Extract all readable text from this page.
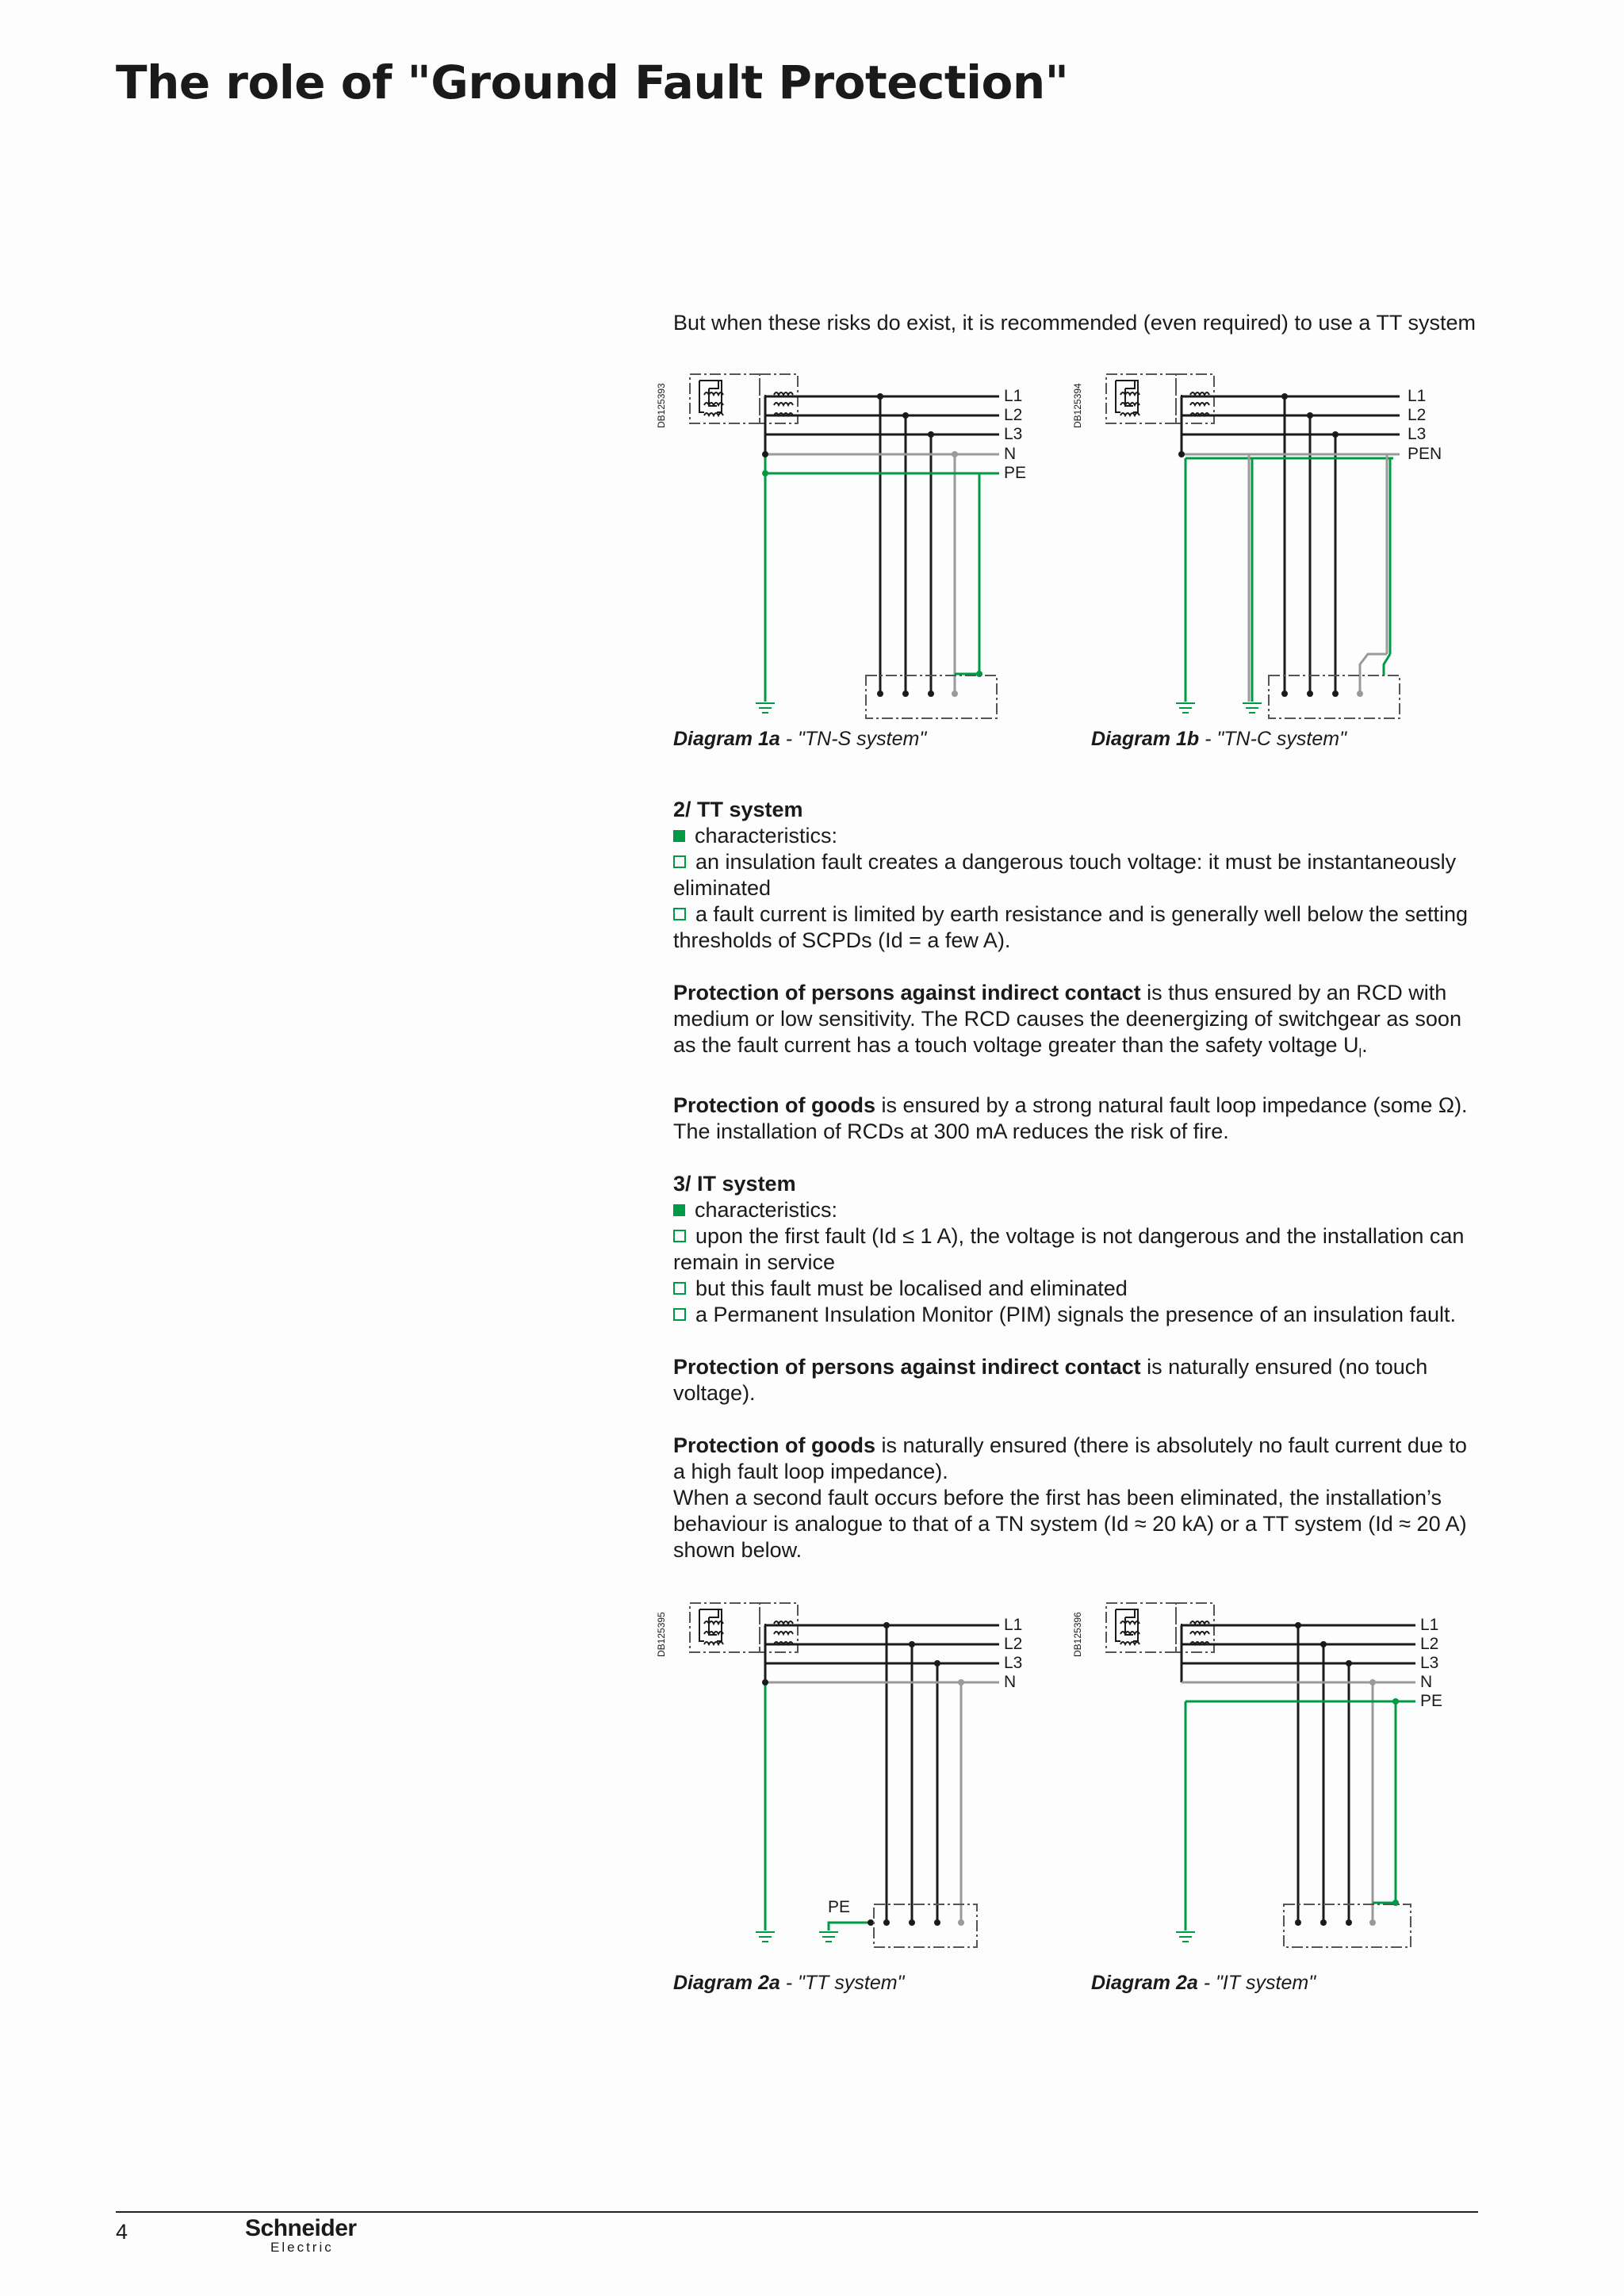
The role of "Ground Fault Protection"
But when these risks do exist, it is recommended (even required) to use a TT system
DB125393	L1
L2
L3
N
PE
Diagram 1a - "TN-S system"
DB125394	L1
L2
L3
PEN
Diagram 1b - "TN-C system"

2/ TT system

characteristics:

an insulation fault creates a dangerous touch voltage: it must be instantaneously eliminated

a fault current is limited by earth resistance and is generally well below the setting thresholds of SCPDs (Id = a few A).

Protection of persons against indirect contact is thus ensured by an RCD with medium or low sensitivity. The RCD causes the deenergizing of switchgear as soon as the fault current has a touch voltage greater than the safety voltage $U_l$.

Protection of goods is ensured by a strong natural fault loop impedance (some Ω). The installation of RCDs at 300 mA reduces the risk of fire.

3/ IT system

characteristics:

upon the first fault (Id ≤ 1 A), the voltage is not dangerous and the installation can remain in service

but this fault must be localised and eliminated

a Permanent Insulation Monitor (PIM) signals the presence of an insulation fault.

Protection of persons against indirect contact is naturally ensured (no touch voltage).

Protection of goods is naturally ensured (there is absolutely no fault current due to a high fault loop impedance).

When a second fault occurs before the first has been eliminated, the installation’s behaviour is analogue to that of a TN system (Id ≈ 20 kA) or a TT system (Id ≈ 20 A) shown below.

DB125395
PE
L1
L2
L3
N
Diagram 2a - "TT system"
DB125396	L1
L2
L3
N
PE
Diagram 2a - "IT system"
4	Schneider
Electric
